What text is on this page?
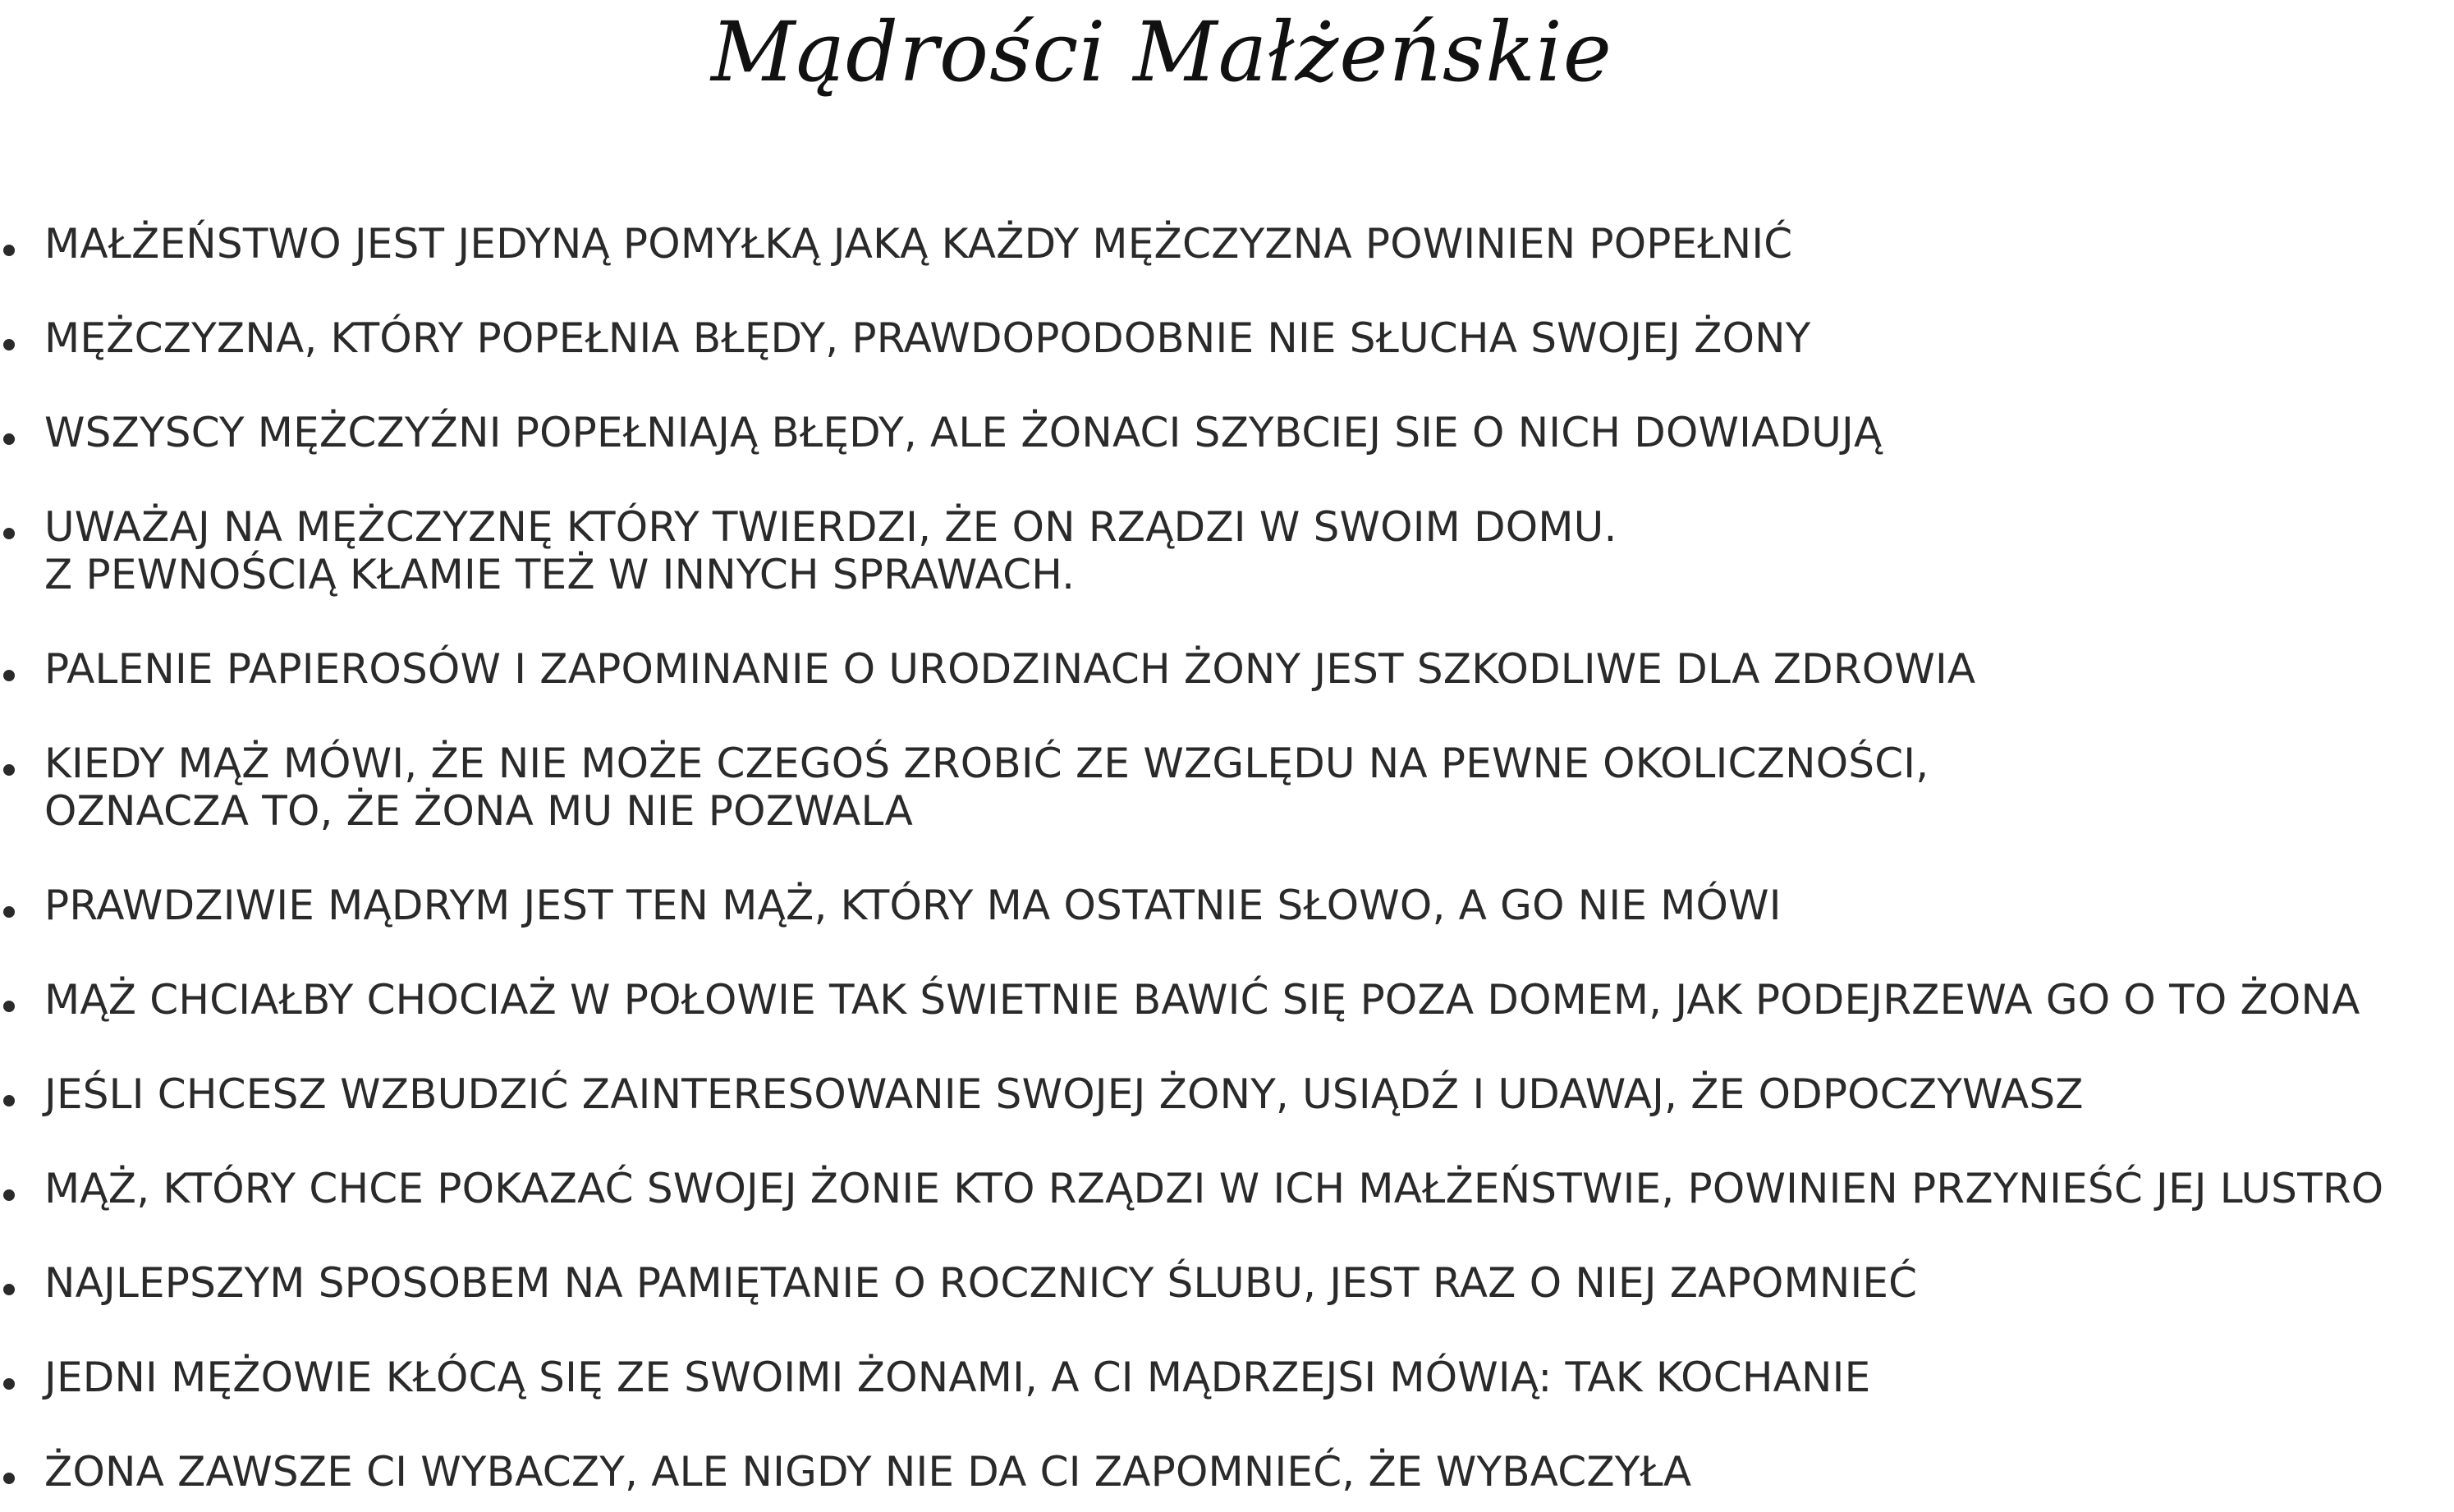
Mądrości Małżeńskie
MAŁŻEŃSTWO JEST JEDYNĄ POMYŁKĄ JAKĄ KAŻDY MĘŻCZYZNA POWINIEN POPEŁNIĆ
MĘŻCZYZNA, KTÓRY POPEŁNIA BŁĘDY, PRAWDOPODOBNIE NIE SŁUCHA SWOJEJ ŻONY
WSZYSCY MĘŻCZYŹNI POPEŁNIAJĄ BŁĘDY, ALE ŻONACI SZYBCIEJ SIE O NICH DOWIADUJĄ
UWAŻAJ NA MĘŻCZYZNĘ KTÓRY TWIERDZI, ŻE ON RZĄDZI W SWOIM DOMU.
Z PEWNOŚCIĄ KŁAMIE TEŻ W INNYCH SPRAWACH.
PALENIE PAPIEROSÓW I ZAPOMINANIE O URODZINACH ŻONY JEST SZKODLIWE DLA ZDROWIA
KIEDY MĄŻ MÓWI, ŻE NIE MOŻE CZEGOŚ ZROBIĆ ZE WZGLĘDU NA PEWNE OKOLICZNOŚCI,
OZNACZA TO, ŻE ŻONA MU NIE POZWALA
PRAWDZIWIE MĄDRYM JEST TEN MĄŻ, KTÓRY MA OSTATNIE SŁOWO, A GO NIE MÓWI
MĄŻ CHCIAŁBY CHOCIAŻ W POŁOWIE TAK ŚWIETNIE BAWIĆ SIĘ POZA DOMEM, JAK PODEJRZEWA GO O TO ŻONA
JEŚLI CHCESZ WZBUDZIĆ ZAINTERESOWANIE SWOJEJ ŻONY, USIĄDŹ I UDAWAJ, ŻE ODPOCZYWASZ
MĄŻ, KTÓRY CHCE POKAZAĆ SWOJEJ ŻONIE KTO RZĄDZI W ICH MAŁŻEŃSTWIE, POWINIEN PRZYNIEŚĆ JEJ LUSTRO
NAJLEPSZYM SPOSOBEM NA PAMIĘTANIE O ROCZNICY ŚLUBU, JEST RAZ O NIEJ ZAPOMNIEĆ
JEDNI MĘŻOWIE KŁÓCĄ SIĘ ZE SWOIMI ŻONAMI, A CI MĄDRZEJSI MÓWIĄ: TAK KOCHANIE
ŻONA ZAWSZE CI WYBACZY, ALE NIGDY NIE DA CI ZAPOMNIEĆ, ŻE WYBACZYŁA
